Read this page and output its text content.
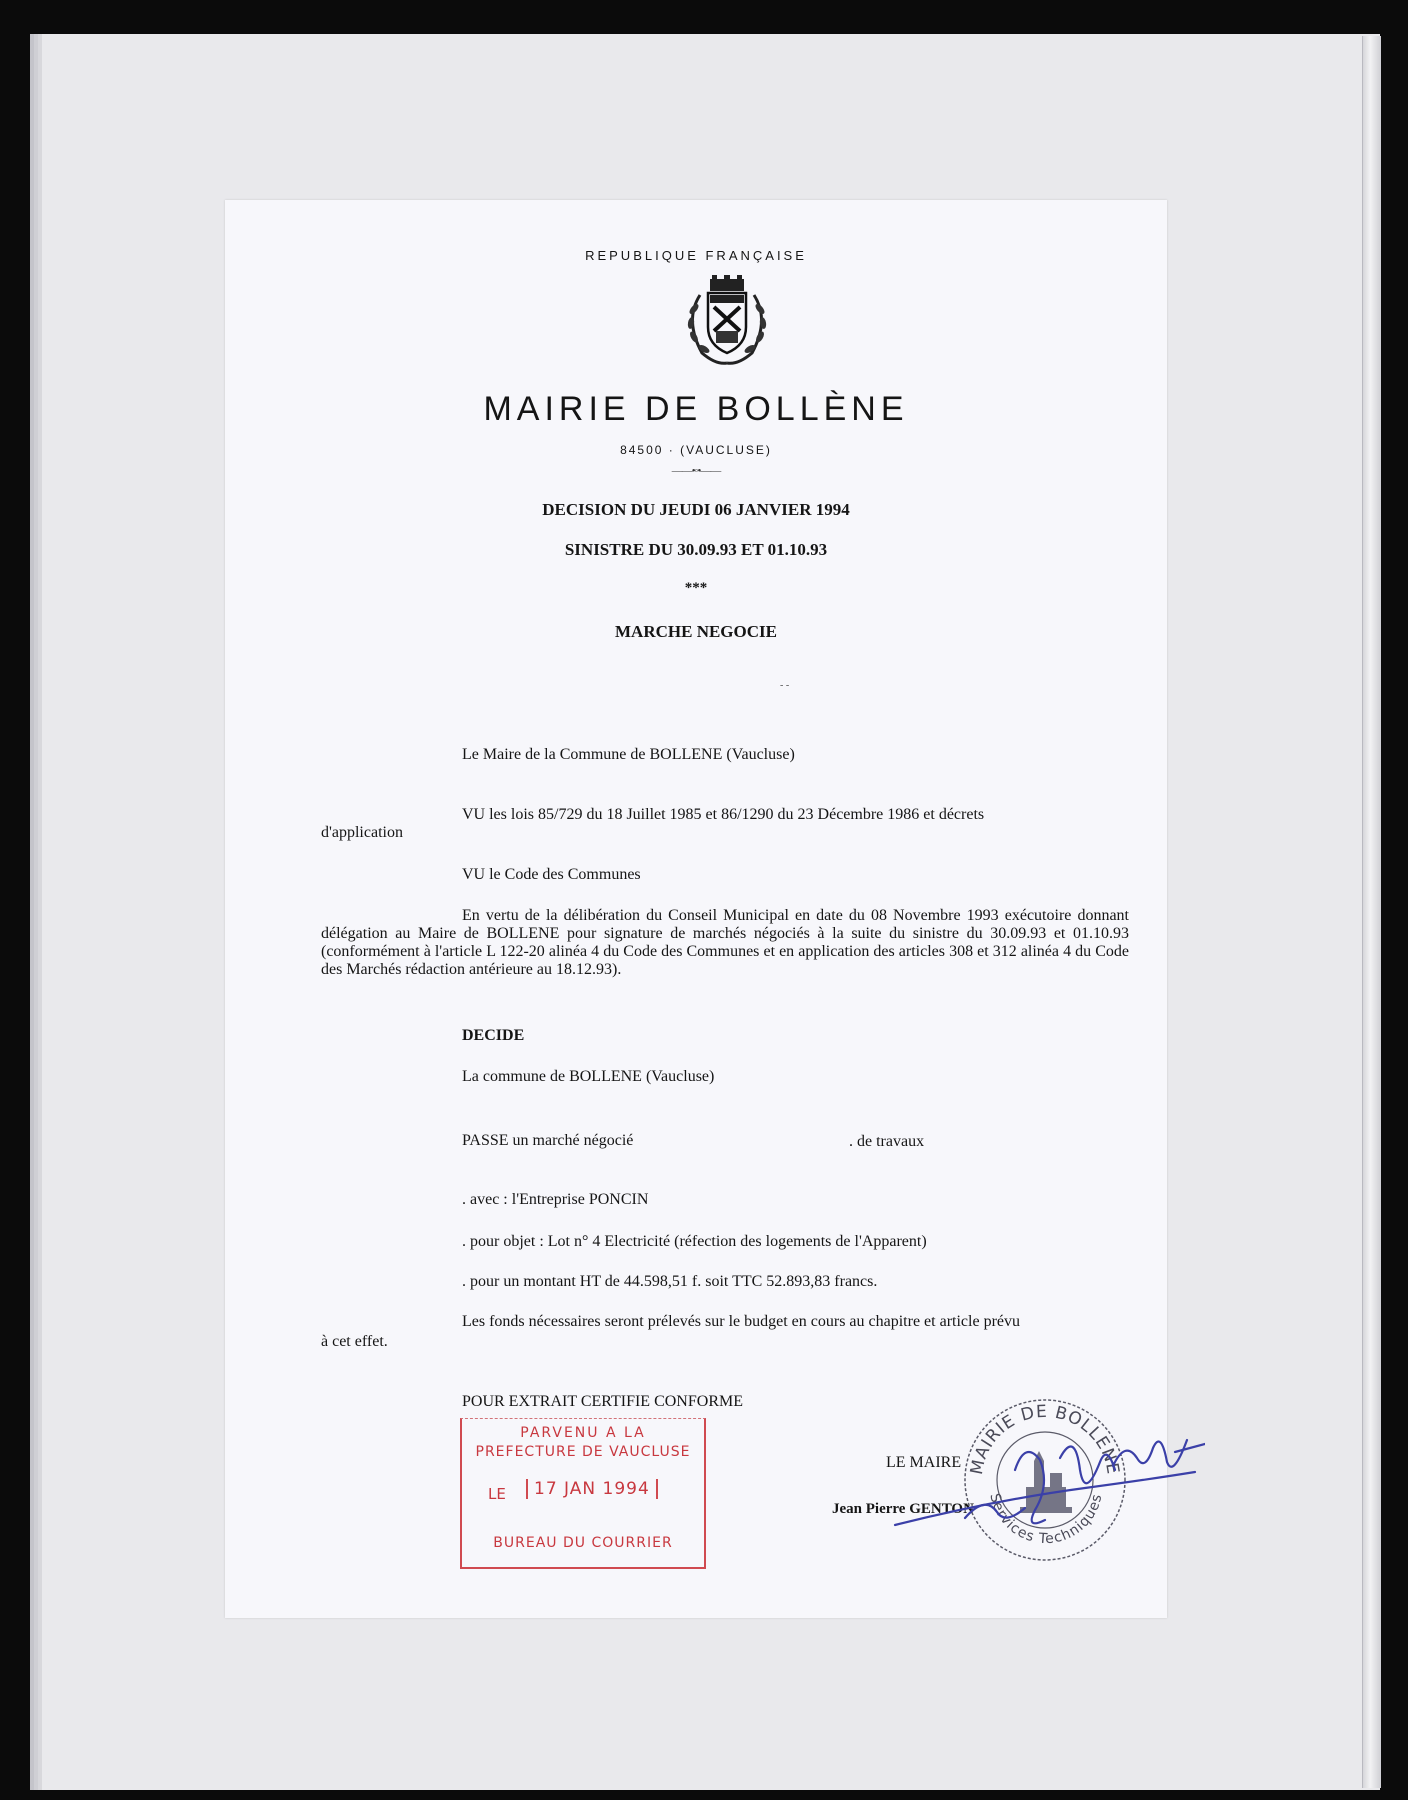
REPUBLIQUE FRANÇAISE
MAIRIE DE BOLLÈNE
84500 · (VAUCLUSE)
——•◦•——
DECISION DU JEUDI 06 JANVIER 1994
SINISTRE DU 30.09.93 ET 01.10.93
***
MARCHE NEGOCIE
‐ ‐
Le Maire de la Commune de BOLLENE (Vaucluse)
VU les lois 85/729 du 18 Juillet 1985 et 86/1290 du 23 Décembre 1986 et décrets
d'application
VU le Code des Communes
En vertu de la délibération du Conseil Municipal en date du 08 Novembre 1993 exécutoire donnant délégation au Maire de BOLLENE pour signature de marchés négociés à la suite du sinistre du 30.09.93 et 01.10.93 (conformément à l'article L 122-20 alinéa 4 du Code des Communes et en application des articles 308 et 312 alinéa 4 du Code des Marchés rédaction antérieure au 18.12.93).
DECIDE
La commune de BOLLENE (Vaucluse)
PASSE un marché négocié	. de travaux
. avec : l'Entreprise PONCIN
. pour objet : Lot n° 4 Electricité (réfection des logements de l'Apparent)
. pour un montant HT de 44.598,51 f. soit TTC 52.893,83 francs.
Les fonds nécessaires seront prélevés sur le budget en cours au chapitre et article prévu
à cet effet.
POUR EXTRAIT CERTIFIE CONFORME
PARVENU A LA
PREFECTURE DE VAUCLUSE
LE	17 JAN 1994
BUREAU DU COURRIER
MAIRIE DE BOLLENE
Services Techniques
LE MAIRE
Jean Pierre GENTON
